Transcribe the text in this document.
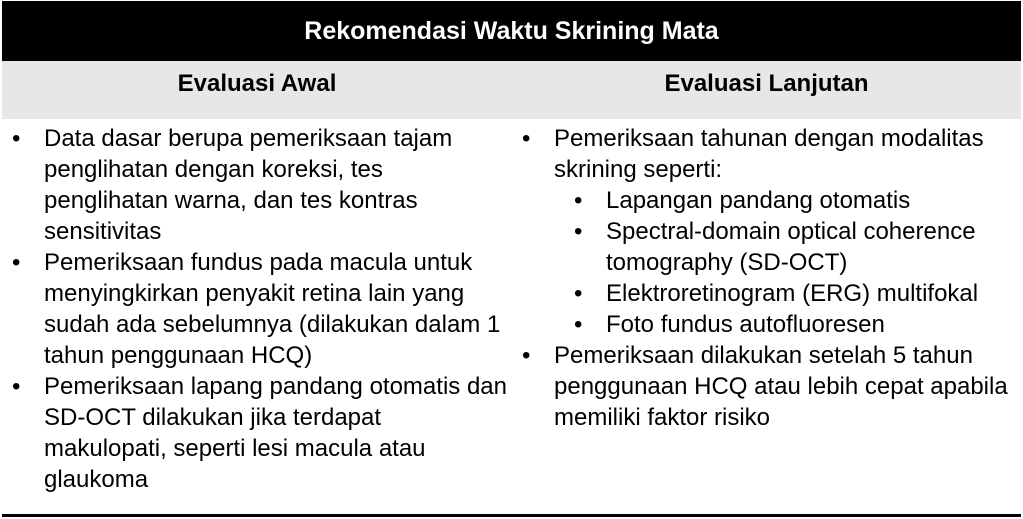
Rekomendasi Waktu Skrining Mata
Evaluasi Awal	Evaluasi Lanjutan
• Data dasar berupa pemeriksaan tajam penglihatan dengan koreksi, tes penglihatan warna, dan tes kontras sensitivitas
• Pemeriksaan fundus pada macula untuk menyingkirkan penyakit retina lain yang sudah ada sebelumnya (dilakukan dalam 1 tahun penggunaan HCQ)
• Pemeriksaan lapang pandang otomatis dan SD-OCT dilakukan jika terdapat makulopati, seperti lesi macula atau glaukoma
• Pemeriksaan tahunan dengan modalitas skrining seperti:
• Lapangan pandang otomatis
• Spectral-domain optical coherence tomography (SD-OCT)
• Elektroretinogram (ERG) multifokal
• Foto fundus autofluoresen
• Pemeriksaan dilakukan setelah 5 tahun penggunaan HCQ atau lebih cepat apabila memiliki faktor risiko
